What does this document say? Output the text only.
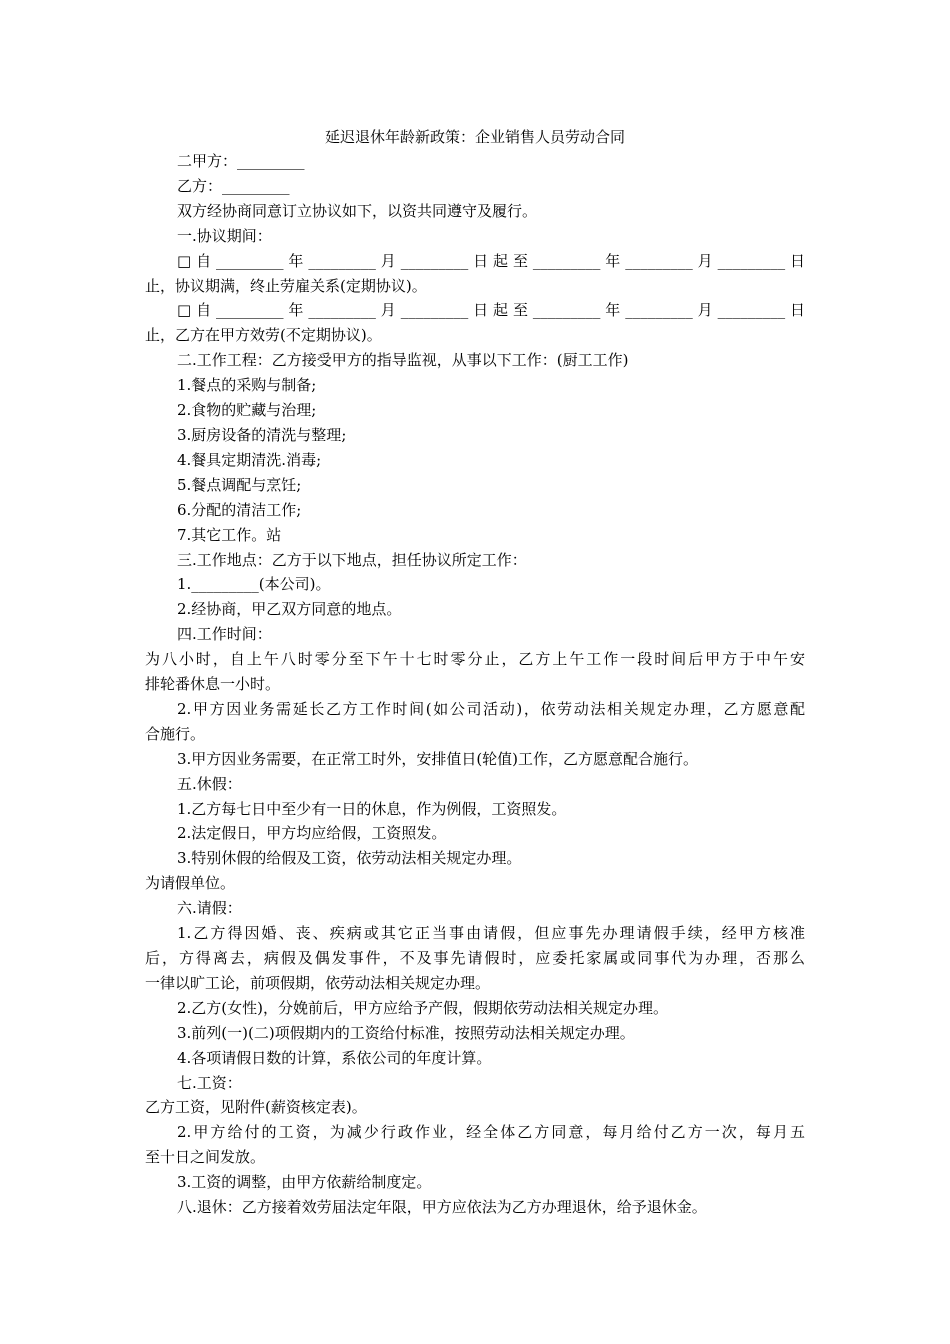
延迟退休年龄新政策：企业销售人员劳动合同

二甲方：_________

乙方：_________

双方经协商同意订立协议如下，以资共同遵守及履行。

一.协议期间：

□自_________年_________月_________日起至_________年_________月_________日

止，协议期满，终止劳雇关系(定期协议)。

□自_________年_________月_________日起至_________年_________月_________日

止，乙方在甲方效劳(不定期协议)。

二.工作工程：乙方接受甲方的指导监视，从事以下工作：(厨工工作)

1.餐点的采购与制备;

2.食物的贮藏与治理;

3.厨房设备的清洗与整理;

4.餐具定期清洗.消毒;

5.餐点调配与烹饪;

6.分配的清洁工作;

7.其它工作。站

三.工作地点：乙方于以下地点，担任协议所定工作：

1._________(本公司)。

2.经协商，甲乙双方同意的地点。

四.工作时间：

为八小时，自上午八时零分至下午十七时零分止，乙方上午工作一段时间后甲方于中午安

排轮番休息一小时。

2.甲方因业务需延长乙方工作时间(如公司活动)，依劳动法相关规定办理，乙方愿意配

合施行。

3.甲方因业务需要，在正常工时外，安排值日(轮值)工作，乙方愿意配合施行。

五.休假：

1.乙方每七日中至少有一日的休息，作为例假，工资照发。

2.法定假日，甲方均应给假，工资照发。

3.特别休假的给假及工资，依劳动法相关规定办理。

为请假单位。

六.请假：

1.乙方得因婚、丧、疾病或其它正当事由请假，但应事先办理请假手续，经甲方核准

后，方得离去，病假及偶发事件，不及事先请假时，应委托家属或同事代为办理，否那么

一律以旷工论，前项假期，依劳动法相关规定办理。

2.乙方(女性)，分娩前后，甲方应给予产假，假期依劳动法相关规定办理。

3.前列(一)(二)项假期内的工资给付标准，按照劳动法相关规定办理。

4.各项请假日数的计算，系依公司的年度计算。

七.工资：

乙方工资，见附件(薪资核定表)。

2.甲方给付的工资，为减少行政作业，经全体乙方同意，每月给付乙方一次，每月五

至十日之间发放。

3.工资的调整，由甲方依薪给制度定。

八.退休：乙方接着效劳届法定年限，甲方应依法为乙方办理退休，给予退休金。
